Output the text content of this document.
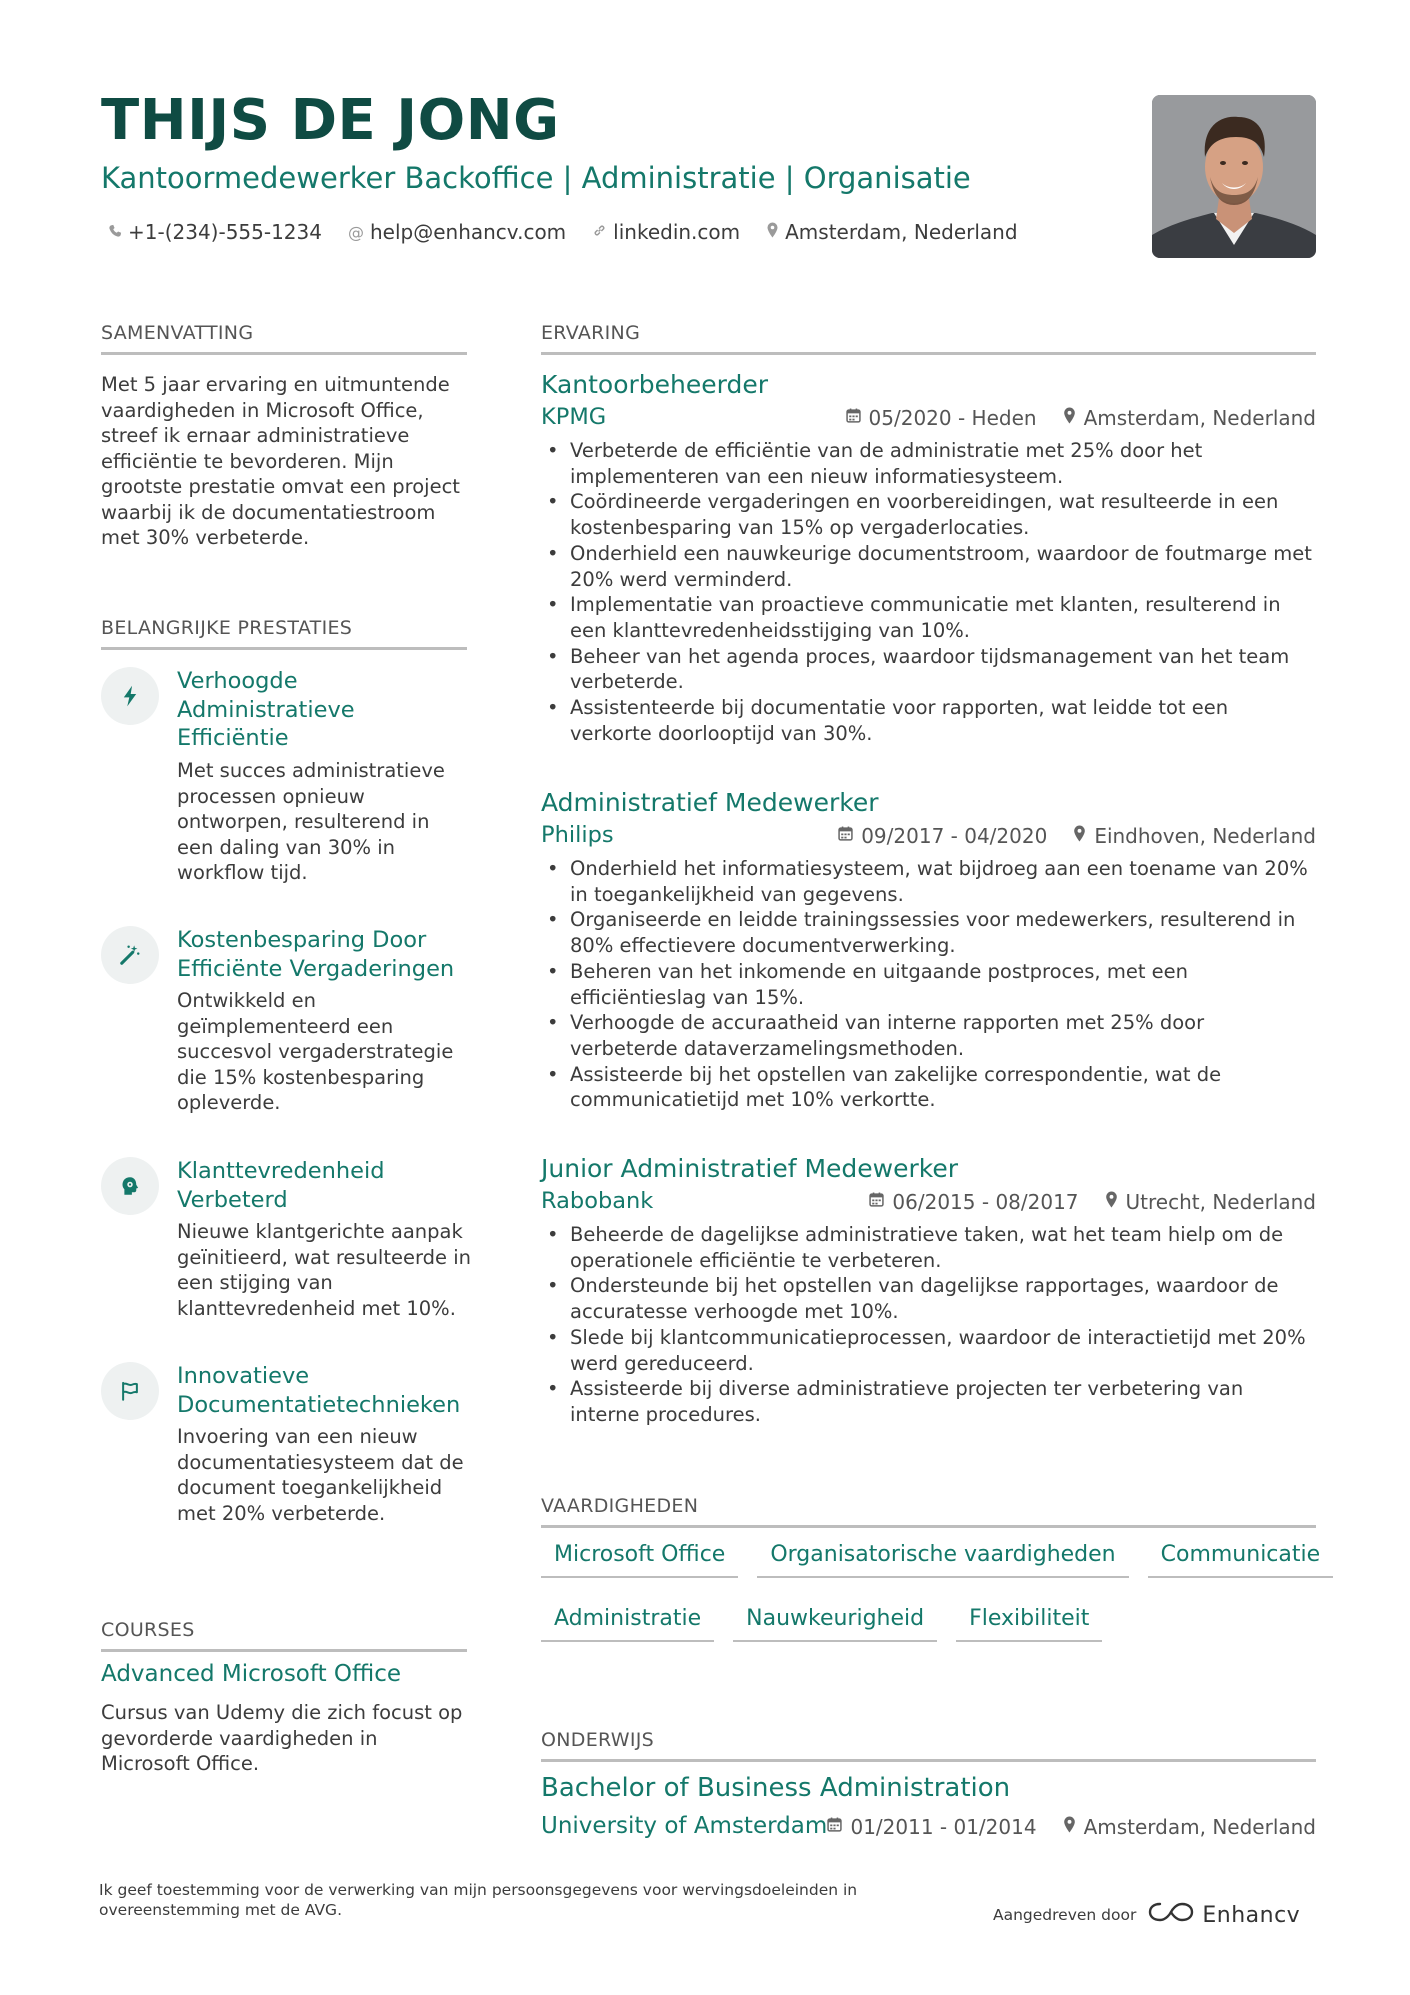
THIJS DE JONG
Kantoormedewerker Backoffice | Administratie | Organisatie
+1-(234)-555-1234 @ help@enhancv.com linkedin.com Amsterdam, Nederland
SAMENVATTING
Met 5 jaar ervaring en uitmuntende vaardigheden in Microsoft Office, streef ik ernaar administratieve efficiëntie te bevorderen. Mijn grootste prestatie omvat een project waarbij ik de documentatiestroom met 30% verbeterde.
BELANGRIJKE PRESTATIES
Verhoogde Administratieve Efficiëntie
Met succes administratieve processen opnieuw ontworpen, resulterend in een daling van 30% in workflow tijd.
Kostenbesparing Door Efficiënte Vergaderingen
Ontwikkeld en geïmplementeerd een succesvol vergaderstrategie die 15% kostenbesparing opleverde.
Klanttevredenheid Verbeterd
Nieuwe klantgerichte aanpak geïnitieerd, wat resulteerde in een stijging van klanttevredenheid met 10%.
Innovatieve Documentatietechnieken
Invoering van een nieuw documentatiesysteem dat de document toegankelijkheid met 20% verbeterde.
COURSES
Advanced Microsoft Office
Cursus van Udemy die zich focust op gevorderde vaardigheden in Microsoft Office.
ERVARING
Kantoorbeheerder
KPMG	05/2020 - Heden Amsterdam, Nederland
• Verbeterde de efficiëntie van de administratie met 25% door het implementeren van een nieuw informatiesysteem.
• Coördineerde vergaderingen en voorbereidingen, wat resulteerde in een kostenbesparing van 15% op vergaderlocaties.
• Onderhield een nauwkeurige documentstroom, waardoor de foutmarge met 20% werd verminderd.
• Implementatie van proactieve communicatie met klanten, resulterend in een klanttevredenheidsstijging van 10%.
• Beheer van het agenda proces, waardoor tijdsmanagement van het team verbeterde.
• Assistenteerde bij documentatie voor rapporten, wat leidde tot een verkorte doorlooptijd van 30%.
Administratief Medewerker
Philips	09/2017 - 04/2020 Eindhoven, Nederland
• Onderhield het informatiesysteem, wat bijdroeg aan een toename van 20% in toegankelijkheid van gegevens.
• Organiseerde en leidde trainingssessies voor medewerkers, resulterend in 80% effectievere documentverwerking.
• Beheren van het inkomende en uitgaande postproces, met een efficiëntieslag van 15%.
• Verhoogde de accuraatheid van interne rapporten met 25% door verbeterde dataverzamelingsmethoden.
• Assisteerde bij het opstellen van zakelijke correspondentie, wat de communicatietijd met 10% verkortte.
Junior Administratief Medewerker
Rabobank	06/2015 - 08/2017 Utrecht, Nederland
• Beheerde de dagelijkse administratieve taken, wat het team hielp om de operationele efficiëntie te verbeteren.
• Ondersteunde bij het opstellen van dagelijkse rapportages, waardoor de accuratesse verhoogde met 10%.
• Slede bij klantcommunicatieprocessen, waardoor de interactietijd met 20% werd gereduceerd.
• Assisteerde bij diverse administratieve projecten ter verbetering van interne procedures.
VAARDIGHEDEN
Microsoft Office	Organisatorische vaardigheden	Communicatie
Administratie	Nauwkeurigheid	Flexibiliteit
ONDERWIJS
Bachelor of Business Administration
University of Amsterdam 01/2011 - 01/2014 Amsterdam, Nederland
Ik geef toestemming voor de verwerking van mijn persoonsgegevens voor wervingsdoeleinden in overeenstemming met de AVG.	Aangedreven door	Enhancv
